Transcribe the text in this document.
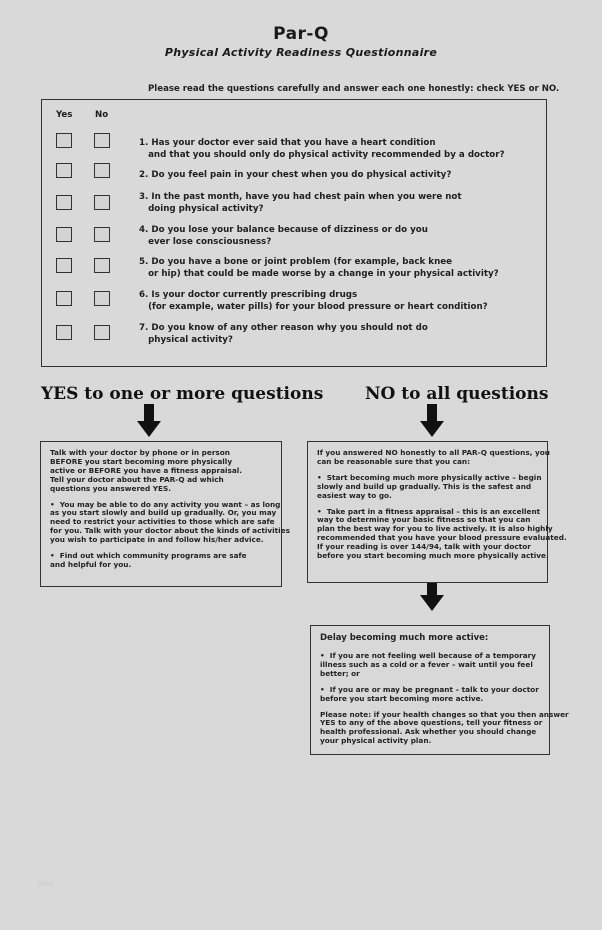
Par-Q
Physical Activity Readiness Questionnaire
Please read the questions carefully and answer each one honestly: check YES or NO.
Yes	No
1. Has your doctor ever said that you have a heart condition
and that you should only do physical activity recommended by a doctor?
2. Do you feel pain in your chest when you do physical activity?
3. In the past month, have you had chest pain when you were not
doing physical activity?
4. Do you lose your balance because of dizziness or do you
ever lose consciousness?
5. Do you have a bone or joint problem (for example, back knee
or hip) that could be made worse by a change in your physical activity?
6. Is your doctor currently prescribing drugs
(for example, water pills) for your blood pressure or heart condition?
7. Do you know of any other reason why you should not do
physical activity?
YES to one or more questions NO to all questions

Talk with your doctor by phone or in person
BEFORE you start becoming more physically
active or BEFORE you have a fitness appraisal.
Tell your doctor about the PAR-Q ad which
questions you answered YES.

•  You may be able to do any activity you want – as long
as you start slowly and build up gradually. Or, you may
need to restrict your activities to those which are safe
for you. Talk with your doctor about the kinds of activities
you wish to participate in and follow his/her advice.

•  Find out which community programs are safe
and helpful for you.

If you answered NO honestly to all PAR-Q questions, you
can be reasonable sure that you can:

•  Start becoming much more physically active – begin
slowly and build up gradually. This is the safest and
easiest way to go.

•  Take part in a fitness appraisal – this is an excellent
way to determine your basic fitness so that you can
plan the best way for you to live actively. It is also highly
recommended that you have your blood pressure evaluated.
If your reading is over 144/94, talk with your doctor
before you start becoming much more physically active.

Delay becoming much more active:

•  If you are not feeling well because of a temporary
illness such as a cold or a fever – wait until you feel
better; or

•  If you are or may be pregnant – talk to your doctor
before you start becoming more active.

Please note: if your health changes so that you then answer
YES to any of the above questions, tell your fitness or
health professional. Ask whether you should change
your physical activity plan.

Nice
